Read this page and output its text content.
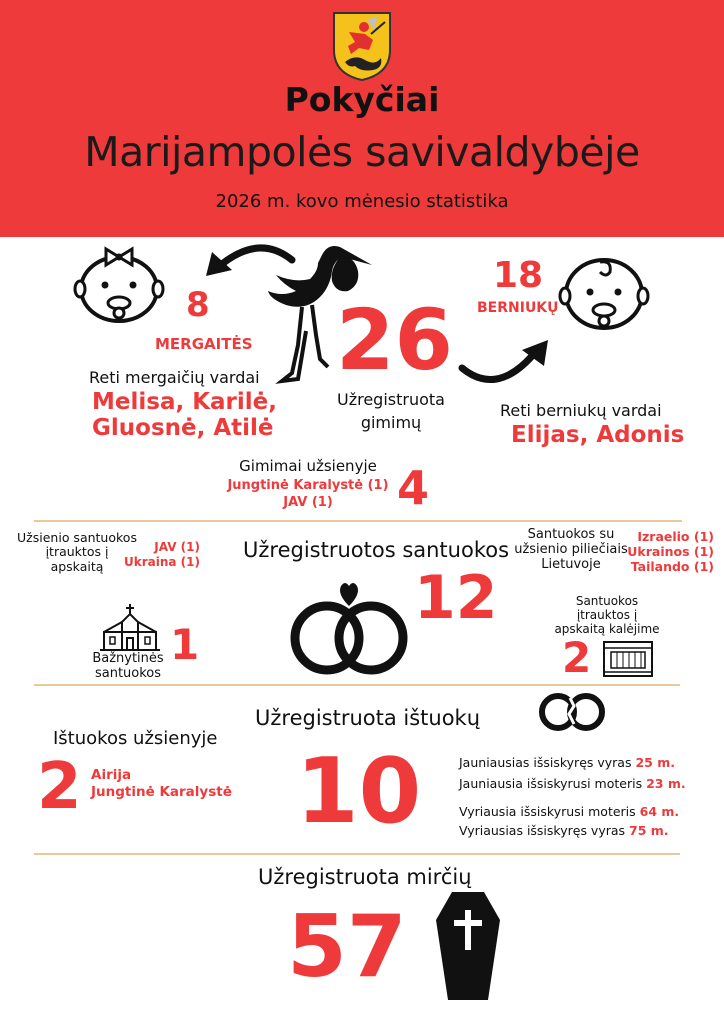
Pokyčiai
Marijampolės savivaldybėje
2026 m. kovo mėnesio statistika
8
MERGAITĖS
18
BERNIUKŲ
26
Užregistruota
gimimų
Reti mergaičių vardai
Melisa, Karilė,
Gluosnė, Atilė
Reti berniukų vardai
Elijas, Adonis
Gimimai užsienyje
Jungtinė Karalystė (1)
JAV (1)	4
Užsienio santuokos
įtrauktos į
apskaitą
JAV (1)
Ukraina (1) Užregistruotos santuokos
Santuokos su
užsienio piliečiais
Lietuvoje
Izraelio (1)
Ukrainos (1)
Tailando (1)
12
Bažnytinės
santuokos
1
Santuokos
įtrauktos į
apskaitą kalėjime
2
Užregistruota ištuokų
Ištuokos užsienyje
2 Airija
Jungtinė Karalystė 10	Jauniausias išsiskyręs vyras 25 m.
Jauniausia išsiskyrusi moteris 23 m.
Vyriausia išsiskyrusi moteris 64 m.
Vyriausias išsiskyręs vyras 75 m.
Užregistruota mirčių
57
